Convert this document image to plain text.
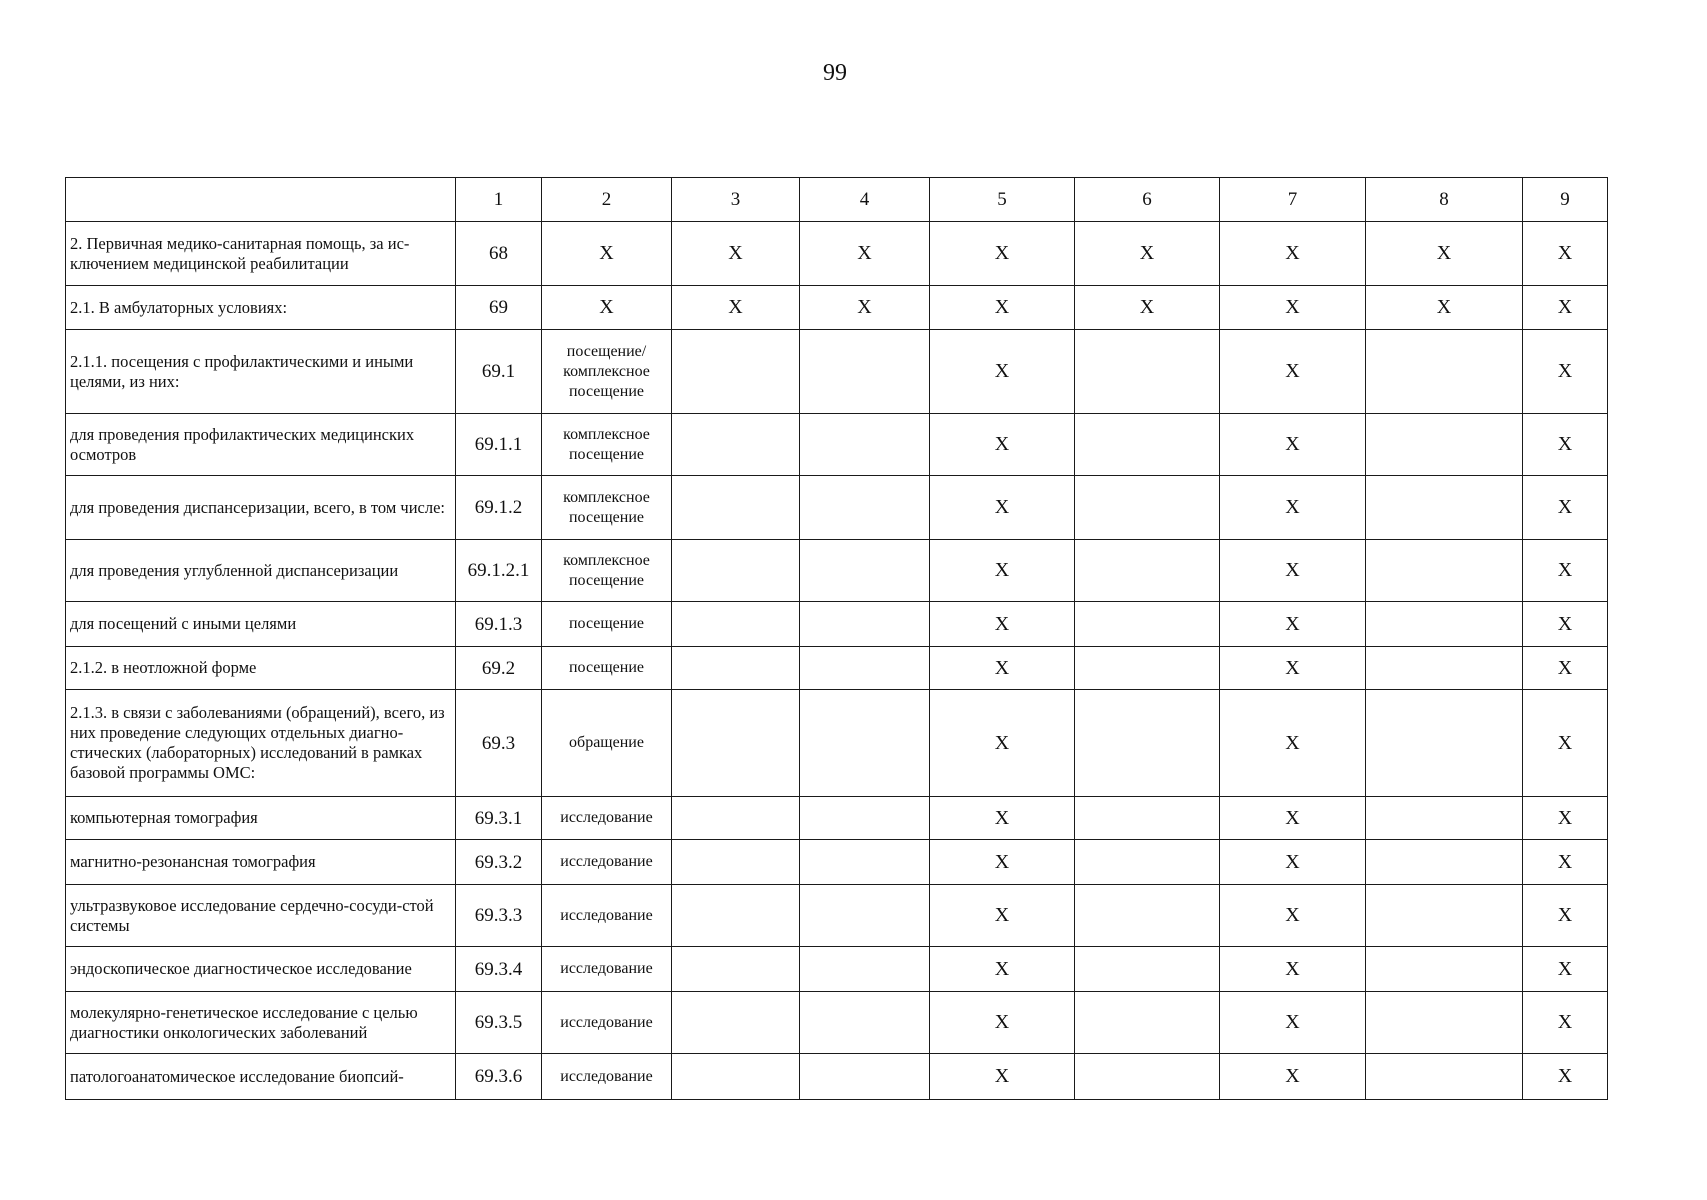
99
	1	2	3	4	5	6	7	8	9
2. Первичная медико-санитарная помощь, за ис-ключением медицинской реабилитации	68	X	X	X	X	X	X	X	X
2.1. В амбулаторных условиях:	69	X	X	X	X	X	X	X	X
2.1.1. посещения с профилактическими и иными целями, из них:	69.1	посещение/ комплексное посещение			X		X		X
для проведения профилактических медицинских осмотров	69.1.1	комплексное посещение			X		X		X
для проведения диспансеризации, всего, в том числе:	69.1.2	комплексное посещение			X		X		X
для проведения углубленной диспансеризации	69.1.2.1	комплексное посещение			X		X		X
для посещений с иными целями	69.1.3	посещение			X		X		X
2.1.2. в неотложной форме	69.2	посещение			X		X		X
2.1.3. в связи с заболеваниями (обращений), всего, из них проведение следующих отдельных диагно-стических (лабораторных) исследований в рамках базовой программы ОМС:	69.3	обращение			X		X		X
компьютерная томография	69.3.1	исследование			X		X		X
магнитно-резонансная томография	69.3.2	исследование			X		X		X
ультразвуковое исследование сердечно-сосуди-стой системы	69.3.3	исследование			X		X		X
эндоскопическое диагностическое исследование	69.3.4	исследование			X		X		X
молекулярно-генетическое исследование с целью диагностики онкологических заболеваний	69.3.5	исследование			X		X		X
патологоанатомическое исследование биопсий-	69.3.6	исследование			X		X		X
